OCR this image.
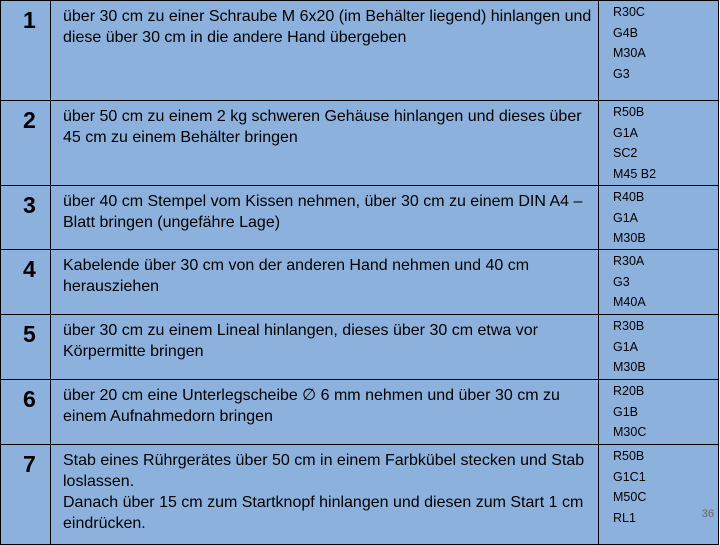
1	über 30 cm zu einer Schraube M 6x20 (im Behälter liegend) hinlangen und diese über 30 cm in die andere Hand übergeben	R30C
G4B
M30A
G3

2	über 50 cm zu einem 2 kg schweren Gehäuse hinlangen und dieses über 45 cm zu einem Behälter bringen	R50B
G1A
SC2
M45 B2

3	über 40 cm Stempel vom Kissen nehmen, über 30 cm zu einem DIN A4 – Blatt bringen (ungefähre Lage)	R40B
G1A
M30B

4	Kabelende über 30 cm von der anderen Hand nehmen und 40 cm herausziehen	R30A
G3
M40A

5	über 30 cm zu einem Lineal hinlangen, dieses über 30 cm etwa vor Körpermitte bringen	R30B
G1A
M30B

6	über 20 cm eine Unterlegscheibe ∅ 6 mm nehmen und über 30 cm zu einem Aufnahmedorn bringen	R20B
G1B
M30C

7	Stab eines Rührgerätes über 50 cm in einem Farbkübel stecken und Stab loslassen.
Danach über 15 cm zum Startknopf hinlangen und diesen zum Start 1 cm eindrücken.	R50B
G1C1
M50C
RL1 36
